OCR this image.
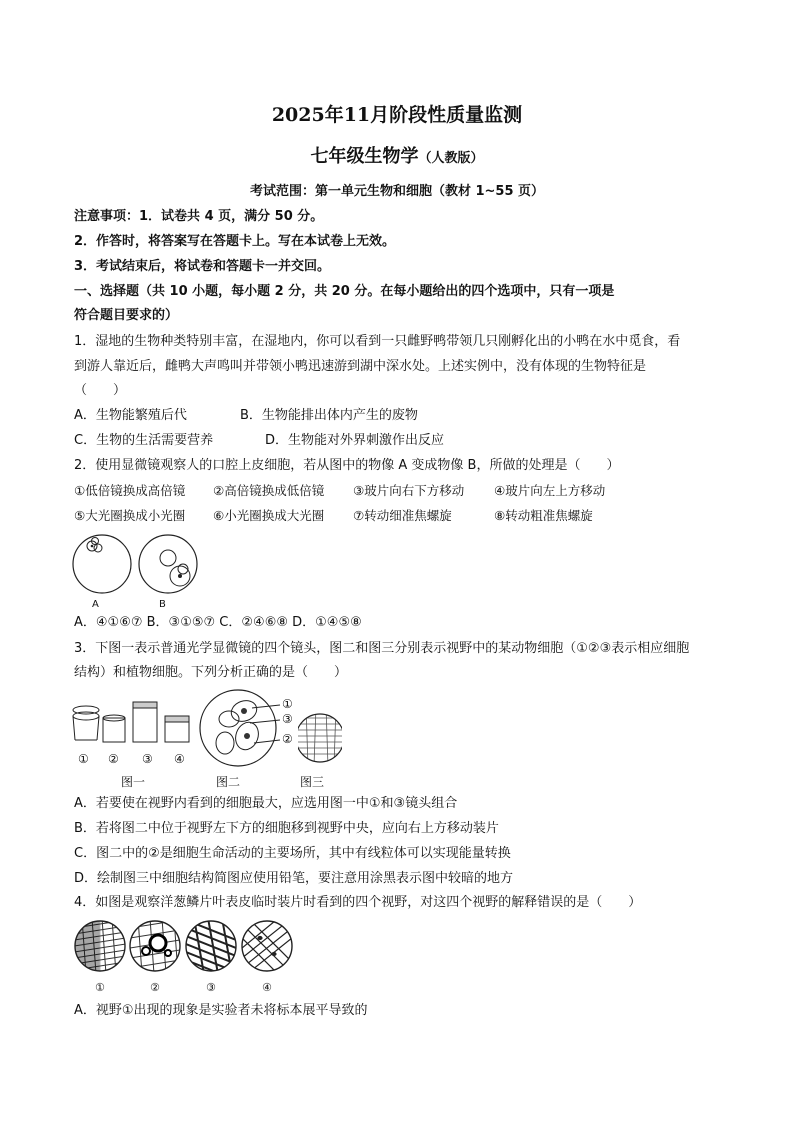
2025年11月阶段性质量监测
七年级生物学（人教版）
考试范围：第一单元生物和细胞（教材 1~55 页）
注意事项：1．试卷共 4 页，满分 50 分。
2．作答时，将答案写在答题卡上。写在本试卷上无效。
3．考试结束后，将试卷和答题卡一并交回。
一、选择题（共 10 小题，每小题 2 分，共 20 分。在每小题给出的四个选项中，只有一项是
符合题目要求的）
1．湿地的生物种类特别丰富，在湿地内，你可以看到一只雌野鸭带领几只刚孵化出的小鸭在水中觅食，看
到游人靠近后，雌鸭大声鸣叫并带领小鸭迅速游到湖中深水处。上述实例中，没有体现的生物特征是
（　　）
A．生物能繁殖后代	B．生物能排出体内产生的废物
C．生物的生活需要营养	D．生物能对外界刺激作出反应
2．使用显微镜观察人的口腔上皮细胞，若从图中的物像 A 变成物像 B，所做的处理是（　　）
①低倍镜换成高倍镜 ②高倍镜换成低倍镜 ③玻片向右下方移动 ④玻片向左上方移动
⑤大光圈换成小光圈 ⑥小光圈换成大光圈 ⑦转动细准焦螺旋	⑧转动粗准焦螺旋
A	B
A．④①⑥⑦ B．③①⑤⑦ C．②④⑥⑧ D．①④⑤⑧
3．下图一表示普通光学显微镜的四个镜头，图二和图三分别表示视野中的某动物细胞（①②③表示相应细胞
结构）和植物细胞。下列分析正确的是（　　）
① ② ③ ④
①
③
②
图一	图二	图三
A．若要使在视野内看到的细胞最大，应选用图一中①和③镜头组合
B．若将图二中位于视野左下方的细胞移到视野中央，应向右上方移动装片
C．图二中的②是细胞生命活动的主要场所，其中有线粒体可以实现能量转换
D．绘制图三中细胞结构简图应使用铅笔，要注意用涂黑表示图中较暗的地方
4．如图是观察洋葱鳞片叶表皮临时装片时看到的四个视野，对这四个视野的解释错误的是（　　）
①	②	③	④
A．视野①出现的现象是实验者未将标本展平导致的
